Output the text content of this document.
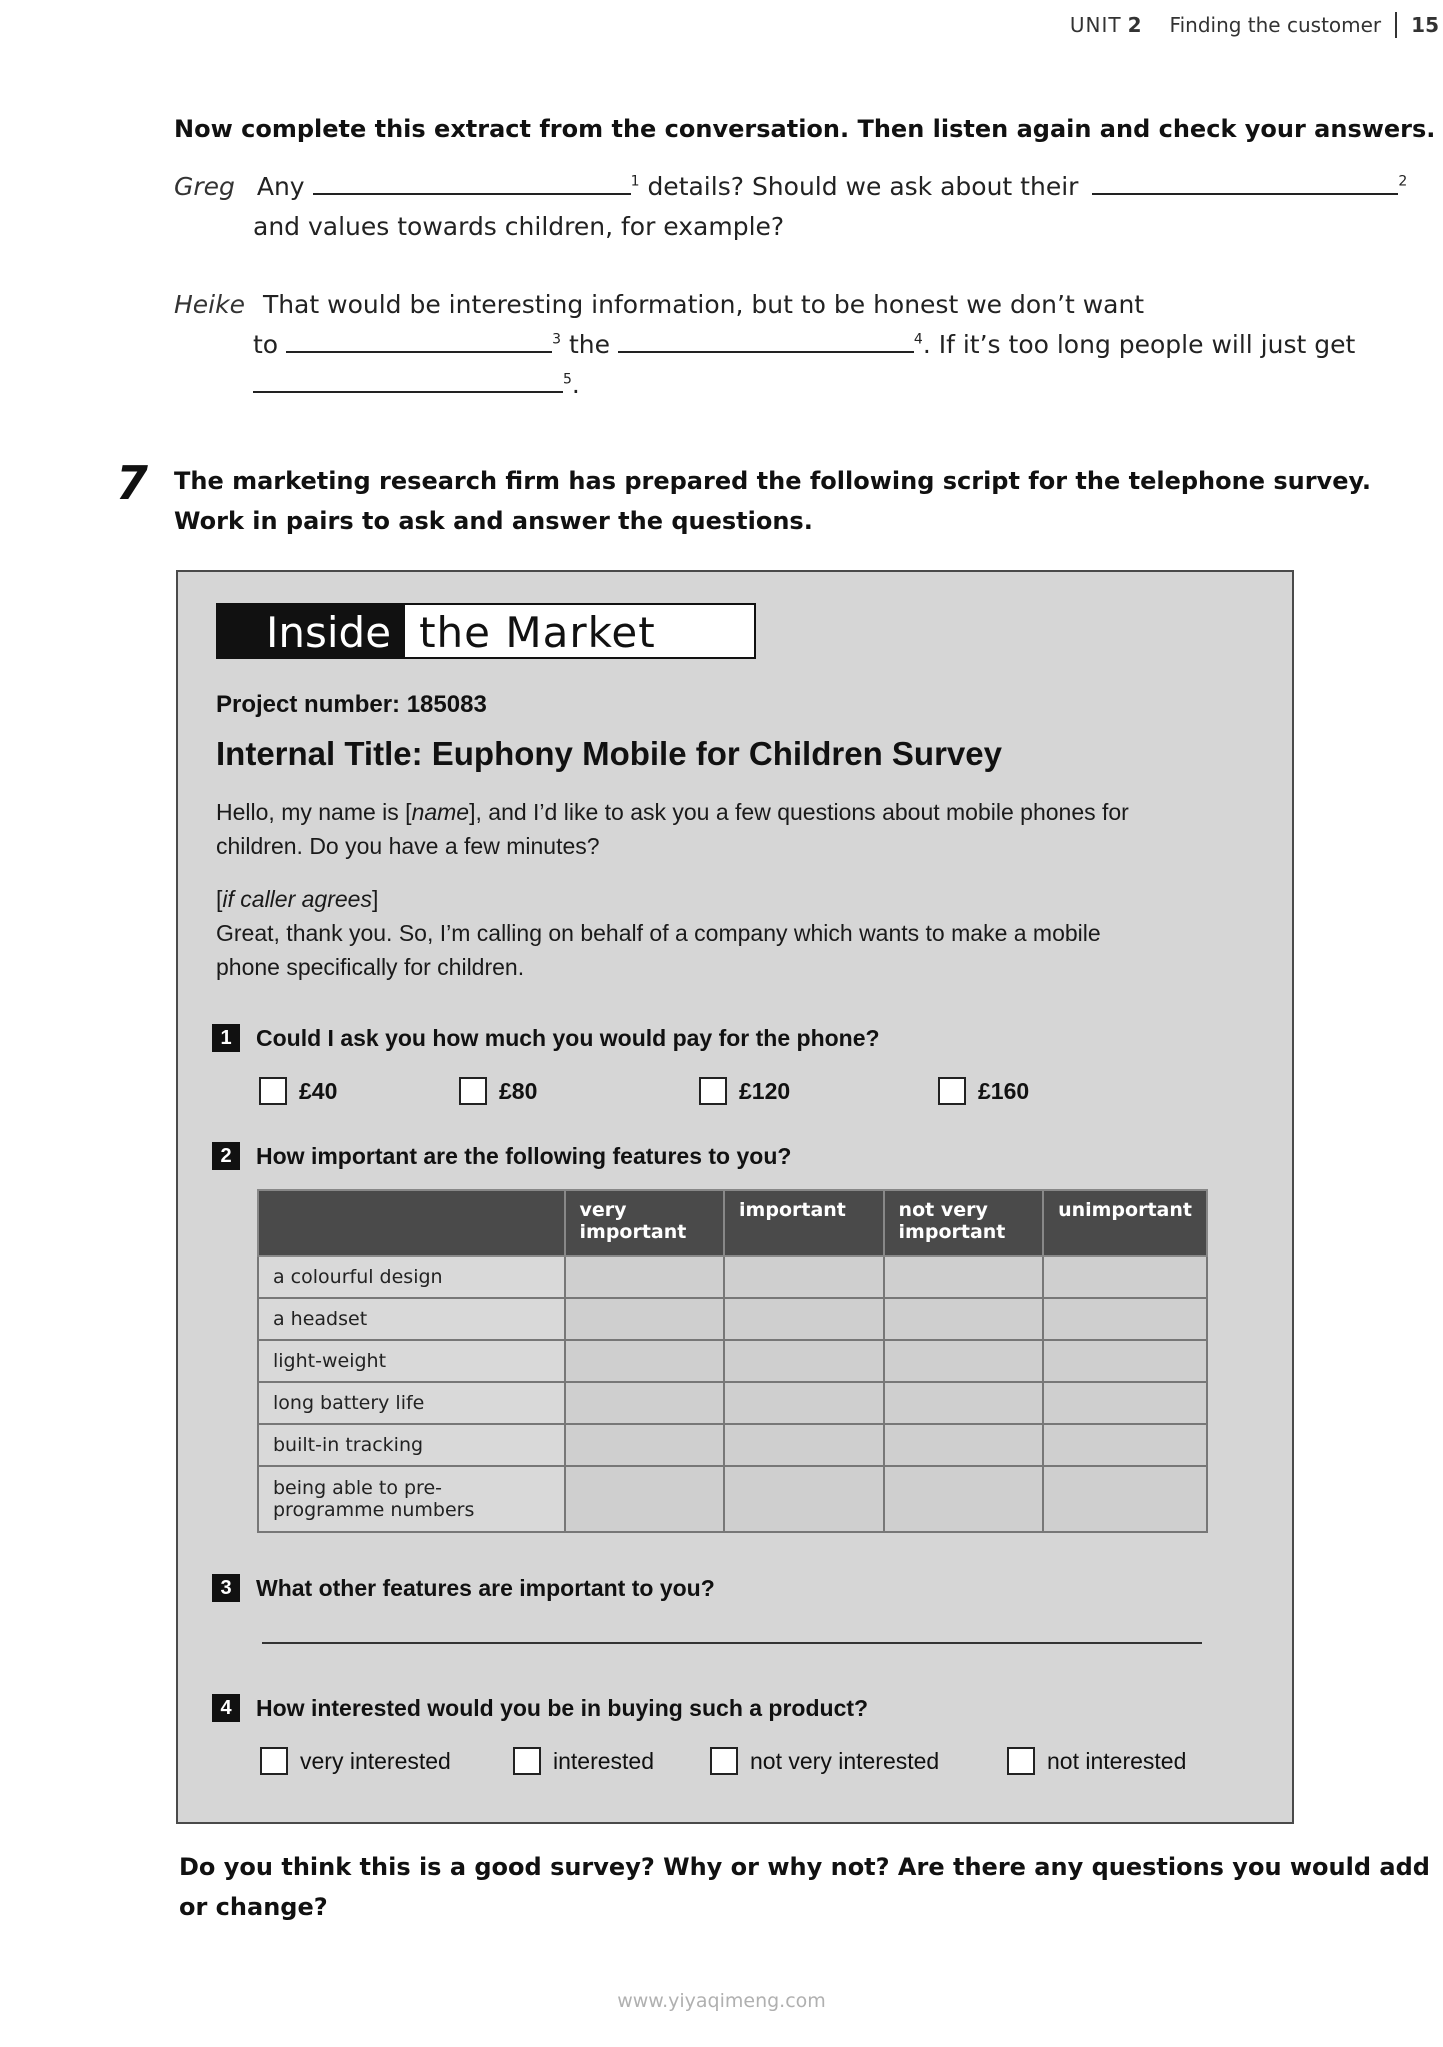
UNIT 2 Finding the customer 15
Now complete this extract from the conversation. Then listen again and check your answers.
Greg Any	$^1$ details? Should we ask about their	$^2$
and values towards children, for example?
Heike That would be interesting information, but to be honest we don’t want
to	$^3$ the	$^4$. If it’s too long people will just get
$^5$.
7 The marketing research firm has prepared the following script for the telephone survey.
Work in pairs to ask and answer the questions.
Inside the Market
Project number: 185083
Internal Title: Euphony Mobile for Children Survey
Hello, my name is [name], and I’d like to ask you a few questions about mobile phones for children. Do you have a few minutes?
[if caller agrees]
Great, thank you. So, I’m calling on behalf of a company which wants to make a mobile phone specifically for children.
1	Could I ask you how much you would pay for the phone?
£40	£80	£120	£160
2	How important are the following features to you?
	very important	important	not very important	unimportant
a colourful design				
a headset				
light-weight				
long battery life				
built-in tracking				
being able to pre-programme numbers				
3	What other features are important to you?
4	How interested would you be in buying such a product?
very interested	interested	not very interested	not interested
Do you think this is a good survey? Why or why not? Are there any questions you would add
or change?
www.yiyaqimeng.com
